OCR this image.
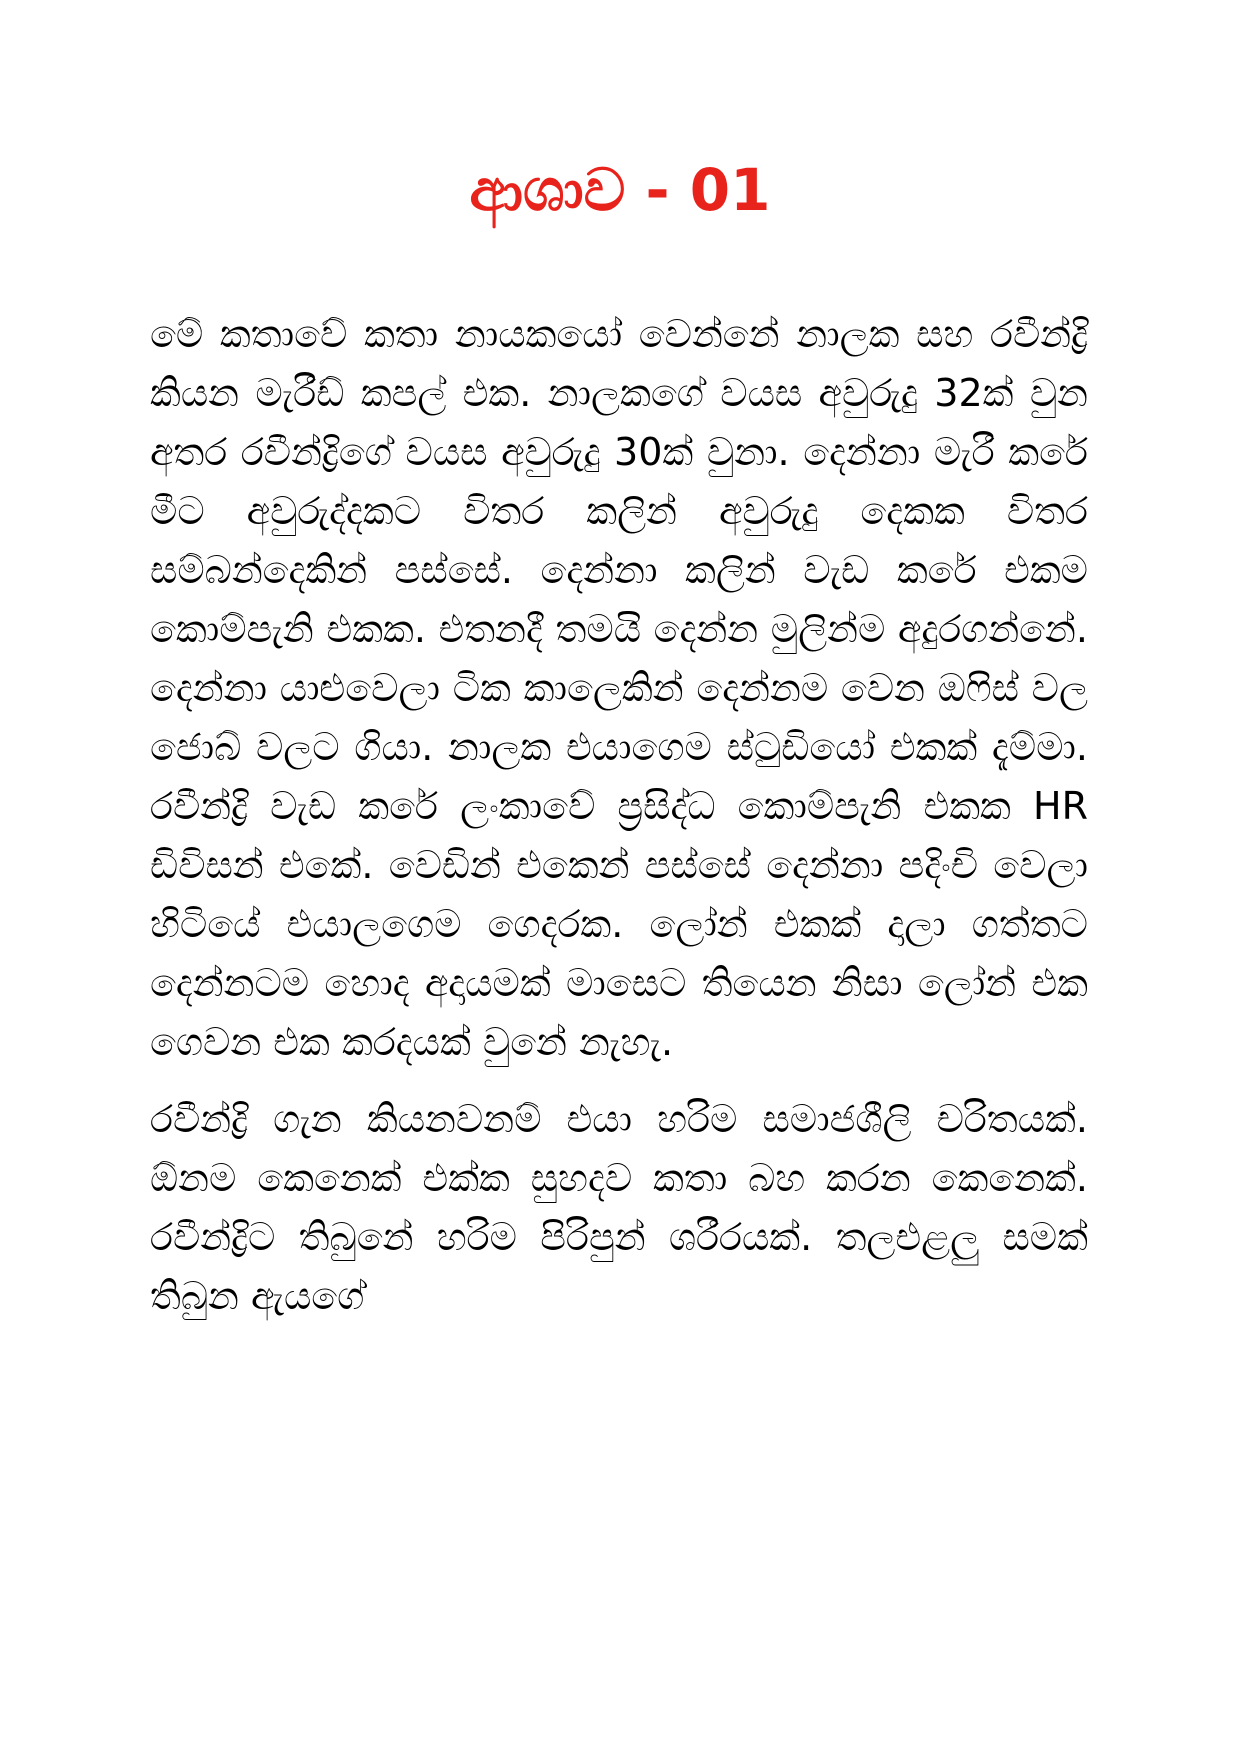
ආශාව - 01

මේ කතාවේ කතා නායකයෝ වෙන්නේ නාලක සහ රවීන්ද්‍රි කියන මැරීඩ් කපල් එක. නාලකගේ වයස අවුරුදු 32ක් වුන අතර රවීන්ද්‍රිගේ වයස අවුරුදු 30ක් වුනා. දෙන්නා මැරී කරේ මීට අවුරුද්දකට විතර කලින් අවුරුදු දෙකක විතර සම්බන්දෙකින් පස්සේ. දෙන්නා කලින් වැඩ කරේ එකම කොම්පැනි එකක. එතනදී තමයි දෙන්න මුලින්ම අදුරගන්නේ. දෙන්නා යාළුවෙලා ටික කාලෙකින් දෙන්නම වෙන ඔෆිස් වල ජොබ් වලට ගියා. නාලක එයාගෙම ස්ටුඩියෝ එකක් දැම්මා. රවීන්ද්‍රි වැඩ කරේ ලංකාවේ ප්‍රසිද්ධ කොම්පැනි එකක HR ඩිවිසන් එකේ. වෙඩින් එකෙන් පස්සේ දෙන්නා පදිංචි වෙලා හිටියේ එයාලගෙම ගෙදරක. ලෝන් එකක් දාලා ගත්තට දෙන්නටම හොද අදායමක් මාසෙට තියෙන නිසා ලෝන් එක ගෙවන එක කරදයක් වුනේ නැහැ.

රවීන්ද්‍රි ගැන කියනවනම් එයා හරිම සමාජශීලි චරිතයක්. ඕනම කෙනෙක් එක්ක සුහදව කතා බහ කරන කෙනෙක්. රවීන්ද්‍රිට තිබුනේ හරිම පිරිපුන් ශරීරයක්. තලඑළලු සමක් තිබුන ඇයගේ
